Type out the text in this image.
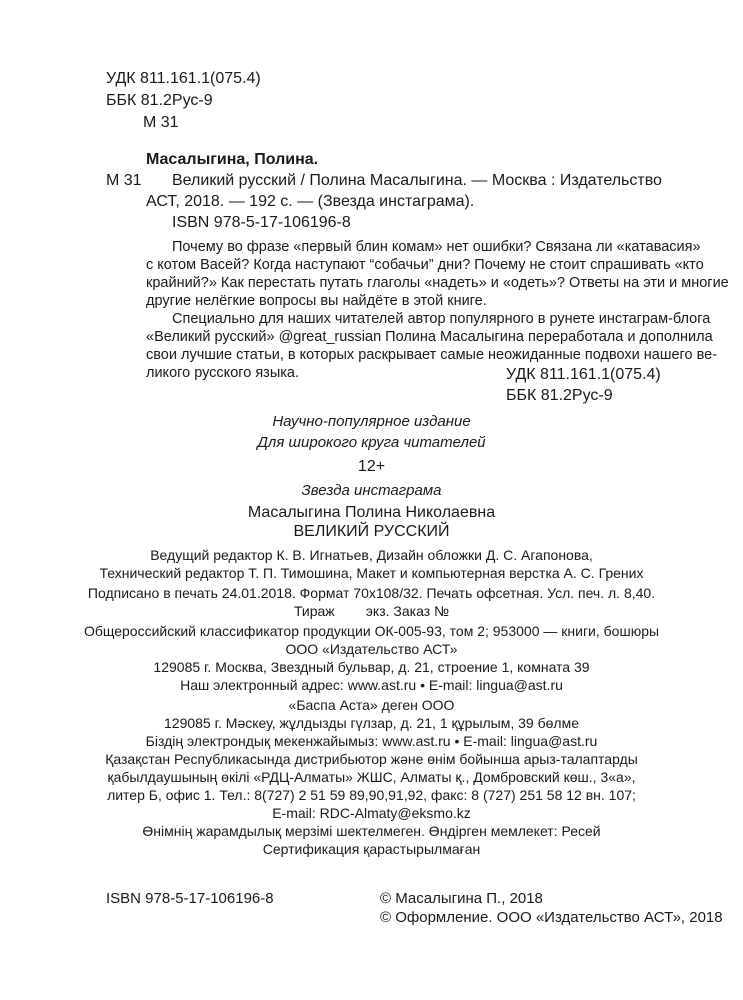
УДК 811.161.1(075.4)
ББК 81.2Рус-9
М 31
Масалыгина, Полина.
М 31 Великий русский / Полина Масалыгина. — Москва : Издательство
АСТ, 2018. — 192 с. — (Звезда инстаграма).
ISBN 978-5-17-106196-8
Почему во фразе «первый блин комам» нет ошибки? Связана ли «катавасия»
с котом Васей? Когда наступают “собачьи” дни? Почему не стоит спрашивать «кто
крайний?» Как перестать путать глаголы «надеть» и «одеть»? Ответы на эти и многие
другие нелёгкие вопросы вы найдёте в этой книге.
Специально для наших читателей автор популярного в рунете инстаграм-блога
«Великий русский» @great_russian Полина Масалыгина переработала и дополнила
свои лучшие статьи, в которых раскрывает самые неожиданные подвохи нашего ве-
ликого русского языка.	УДК 811.161.1(075.4)
ББК 81.2Рус-9
Научно-популярное издание
Для широкого круга читателей
12+
Звезда инстаграма
Масалыгина Полина Николаевна
ВЕЛИКИЙ РУССКИЙ
Ведущий редактор К. В. Игнатьев, Дизайн обложки Д. С. Агапонова,
Технический редактор Т. П. Тимошина, Макет и компьютерная верстка А. С. Грених
Подписано в печать 24.01.2018. Формат 70х108/32. Печать офсетная. Усл. печ. л. 8,40.
Тираж        экз. Заказ №
Общероссийский классификатор продукции ОК-005-93, том 2; 953000 — книги, бошюры
ООО «Издательство АСТ»
129085 г. Москва, Звездный бульвар, д. 21, строение 1, комната 39
Наш электронный адрес: www.ast.ru • E-mail: lingua@ast.ru
«Баспа Аста» деген ООО
129085 г. Мәскеу, жұлдызды гүлзар, д. 21, 1 құрылым, 39 бөлме
Біздің электрондық мекенжайымыз: www.ast.ru • E-mail: lingua@ast.ru
Қазақстан Республикасында дистрибьютор және өнім бойынша арыз-талаптарды
қабылдаушының өкілі «РДЦ-Алматы» ЖШС, Алматы қ., Домбровский көш., 3«а»,
литер Б, офис 1. Тел.: 8(727) 2 51 59 89,90,91,92, факс: 8 (727) 251 58 12 вн. 107;
E-mail: RDC-Almaty@eksmo.kz
Өнімнің жарамдылық мерзімі шектелмеген. Өндірген мемлекет: Ресей
Сертификация қарастырылмаған
ISBN 978-5-17-106196-8	© Масалыгина П., 2018
© Оформление. ООО «Издательство АСТ», 2018
